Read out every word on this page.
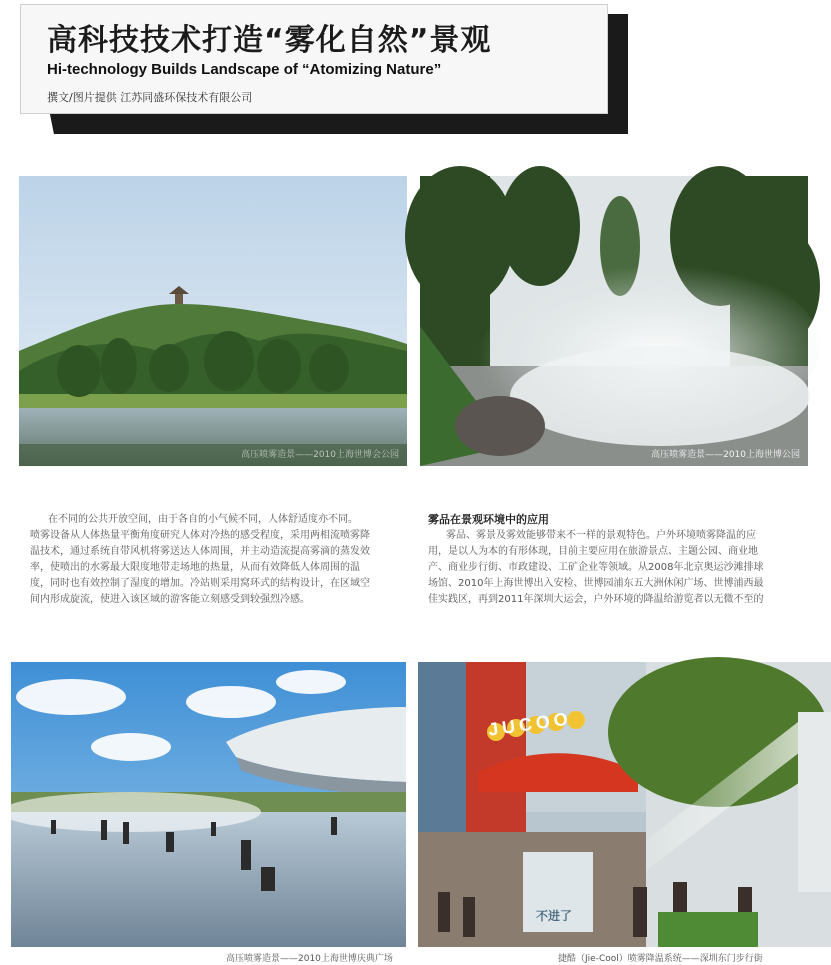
高科技技术打造“雾化自然”景观
Hi-technology Builds Landscape of “Atomizing Nature”
撰文/图片提供 江苏同盛环保技术有限公司
高压喷雾造景——2010上海世博会公园	高压喷雾造景——2010上海世博公园
在不同的公共开放空间，由于各自的小气候不同，人体舒适度亦不同。
喷雾设备从人体热量平衡角度研究人体对冷热的感受程度，采用两相流喷雾降
温技术，通过系统自带风机将雾送达人体周围，并主动造流提高雾滴的蒸发效
率，使喷出的水雾最大限度地带走场地的热量，从而有效降低人体周围的温
度，同时也有效控制了湿度的增加。冷站则采用窝环式的结构设计，在区域空
间内形成旋流，使进入该区域的游客能立刻感受到较强烈冷感。
雾品在景观环境中的应用
雾品、雾景及雾效能够带来不一样的景观特色。户外环境喷雾降温的应
用，是以人为本的有形体现，目前主要应用在旅游景点、主题公园、商业地
产、商业步行街、市政建设、工矿企业等领域。从2008年北京奥运沙滩排球
场馆、2010年上海世博出入安检、世博园浦东五大洲休闲广场、世博浦西最
佳实践区，再到2011年深圳大运会，户外环境的降温给游览者以无微不至的
高压喷雾造景——2010上海世博庆典广场
JUCOO
不进了
捷酷（Jie-Cool）喷雾降温系统——深圳东门步行街
